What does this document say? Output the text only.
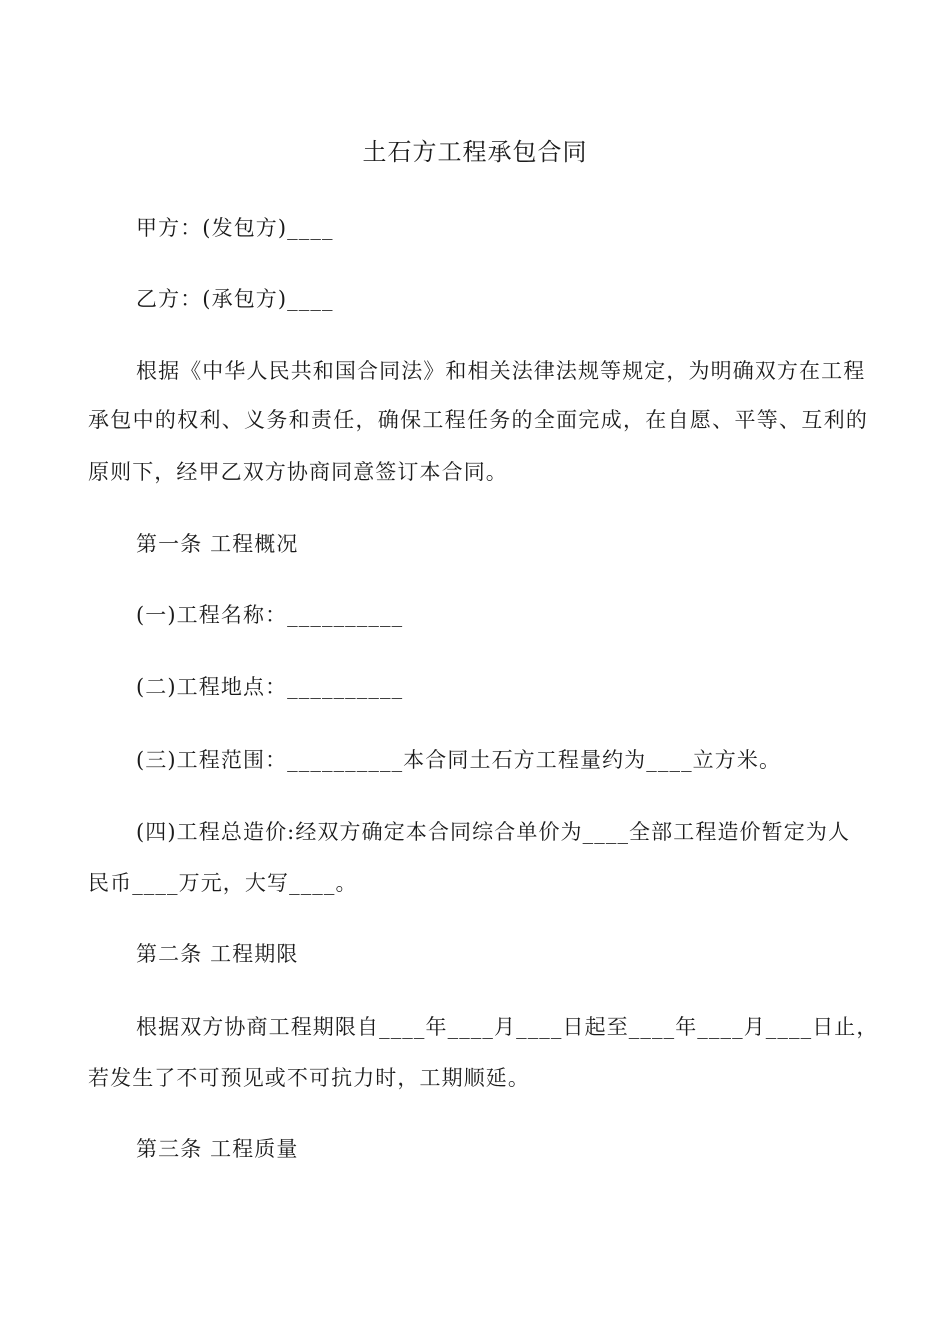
土石方工程承包合同
甲方：(发包方)____
乙方：(承包方)____
根据《中华人民共和国合同法》和相关法律法规等规定，为明确双方在工程
承包中的权利、义务和责任，确保工程任务的全面完成，在自愿、平等、互利的
原则下，经甲乙双方协商同意签订本合同。
第一条 工程概况
(一)工程名称：__________
(二)工程地点：__________
(三)工程范围：__________本合同土石方工程量约为____立方米。
(四)工程总造价:经双方确定本合同综合单价为____全部工程造价暂定为人
民币____万元，大写____。
第二条 工程期限
根据双方协商工程期限自____年____月____日起至____年____月____日止，
若发生了不可预见或不可抗力时，工期顺延。
第三条 工程质量
